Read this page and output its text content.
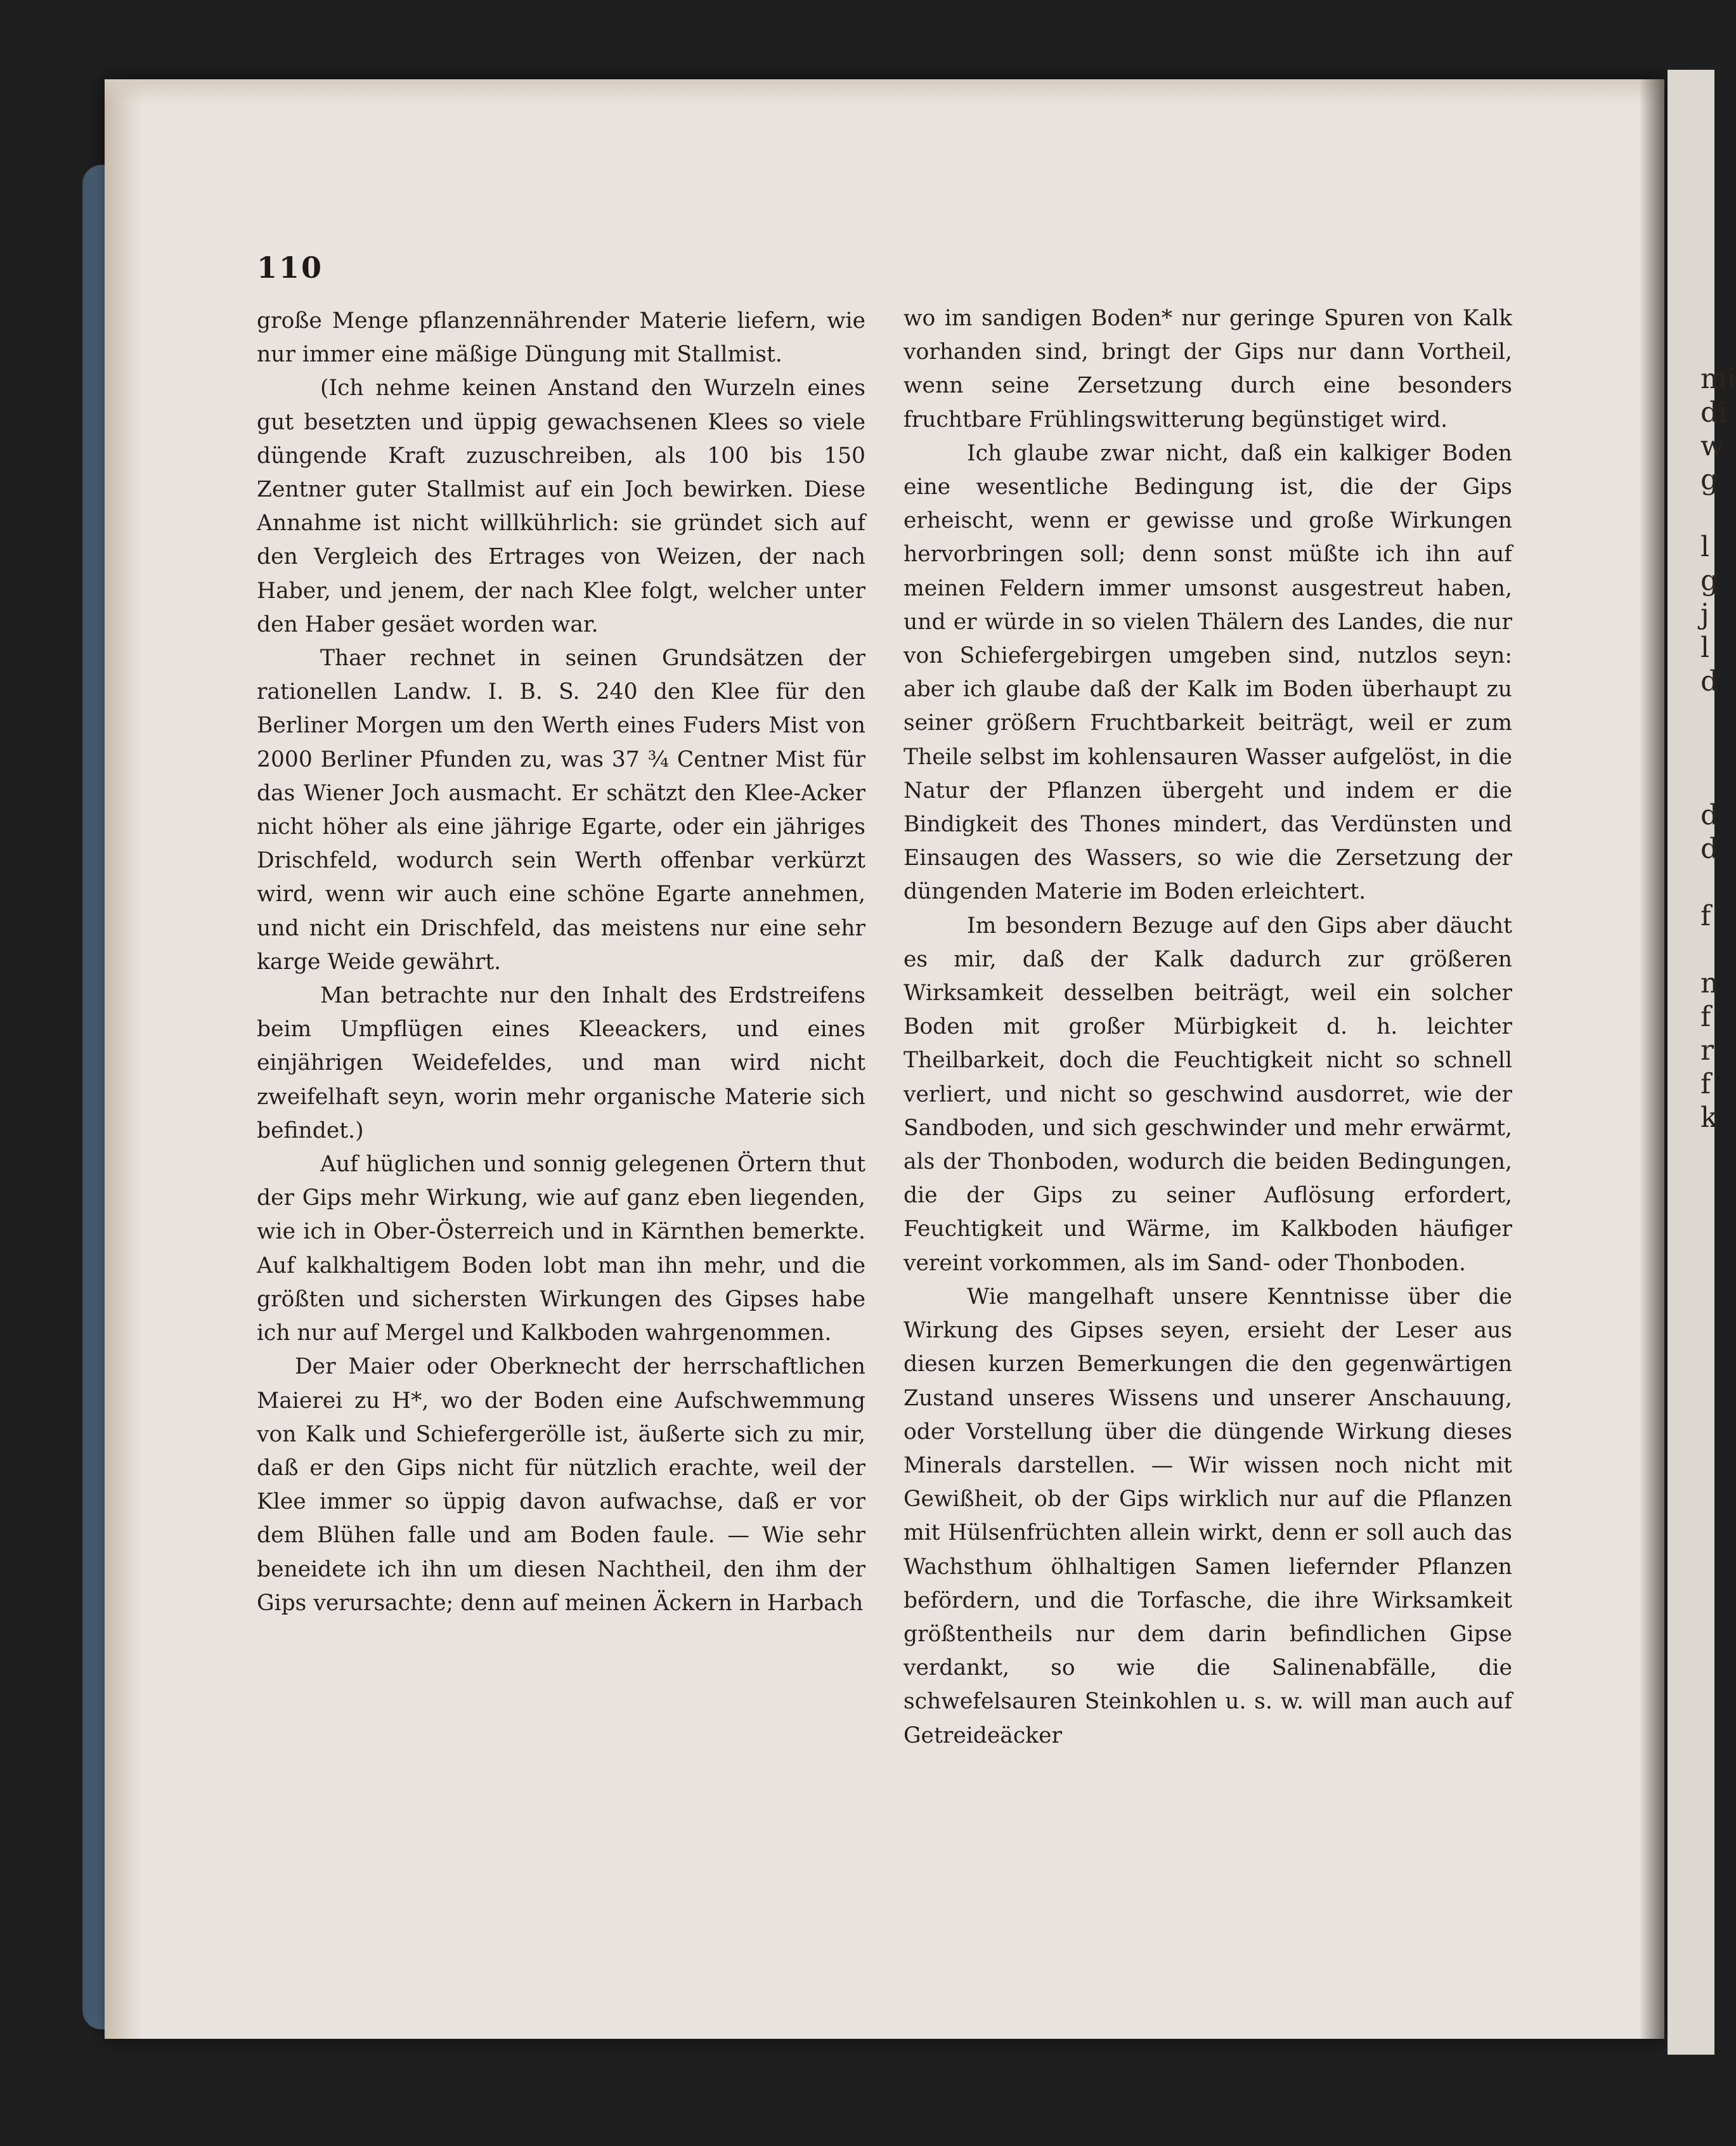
mi
di
w
g
l
g
j
l
d
d
d
f
n
f
r
f
k
110

große Menge pflanzennährender Materie liefern, wie nur immer eine mäßige Düngung mit Stallmist.

(Ich nehme keinen Anstand den Wurzeln eines gut besetzten und üppig gewachsenen Klees so viele düngende Kraft zuzuschreiben, als 100 bis 150 Zentner guter Stallmist auf ein Joch bewirken. Diese Annahme ist nicht willkührlich: sie gründet sich auf den Vergleich des Ertrages von Weizen, der nach Haber, und jenem, der nach Klee folgt, welcher unter den Haber gesäet worden war.

Thaer rechnet in seinen Grundsätzen der rationellen Landw. I. B. S. 240 den Klee für den Berliner Morgen um den Werth eines Fuders Mist von 2000 Berliner Pfunden zu, was 37 ¾ Centner Mist für das Wiener Joch ausmacht. Er schätzt den Klee-Acker nicht höher als eine jährige Egarte, oder ein jähriges Drischfeld, wodurch sein Werth offenbar verkürzt wird, wenn wir auch eine schöne Egarte annehmen, und nicht ein Drischfeld, das meistens nur eine sehr karge Weide gewährt.

Man betrachte nur den Inhalt des Erdstreifens beim Umpflügen eines Kleeackers, und eines einjährigen Weidefeldes, und man wird nicht zweifelhaft seyn, worin mehr organische Materie sich befindet.)

Auf hüglichen und sonnig gelegenen Örtern thut der Gips mehr Wirkung, wie auf ganz eben liegenden, wie ich in Ober-Österreich und in Kärnthen bemerkte. Auf kalkhaltigem Boden lobt man ihn mehr, und die größten und sichersten Wirkungen des Gipses habe ich nur auf Mergel und Kalkboden wahrgenommen.

Der Maier oder Oberknecht der herrschaftlichen Maierei zu H*, wo der Boden eine Aufschwemmung von Kalk und Schiefergerölle ist, äußerte sich zu mir, daß er den Gips nicht für nützlich erachte, weil der Klee immer so üppig davon aufwachse, daß er vor dem Blühen falle und am Boden faule. — Wie sehr beneidete ich ihn um diesen Nachtheil, den ihm der Gips verursachte; denn auf meinen Äckern in Harbach

wo im sandigen Boden* nur geringe Spuren von Kalk vorhanden sind, bringt der Gips nur dann Vortheil, wenn seine Zersetzung durch eine besonders fruchtbare Frühlingswitterung begünstiget wird.

Ich glaube zwar nicht, daß ein kalkiger Boden eine wesentliche Bedingung ist, die der Gips erheischt, wenn er gewisse und große Wirkungen hervorbringen soll; denn sonst müßte ich ihn auf meinen Feldern immer umsonst ausgestreut haben, und er würde in so vielen Thälern des Landes, die nur von Schiefergebirgen umgeben sind, nutzlos seyn: aber ich glaube daß der Kalk im Boden überhaupt zu seiner größern Fruchtbarkeit beiträgt, weil er zum Theile selbst im kohlensauren Wasser aufgelöst, in die Natur der Pflanzen übergeht und indem er die Bindigkeit des Thones mindert, das Verdünsten und Einsaugen des Wassers, so wie die Zersetzung der düngenden Materie im Boden erleichtert.

Im besondern Bezuge auf den Gips aber däucht es mir, daß der Kalk dadurch zur größeren Wirksamkeit desselben beiträgt, weil ein solcher Boden mit großer Mürbigkeit d. h. leichter Theilbarkeit, doch die Feuchtigkeit nicht so schnell verliert, und nicht so geschwind ausdorret, wie der Sandboden, und sich geschwinder und mehr erwärmt, als der Thonboden, wodurch die beiden Bedingungen, die der Gips zu seiner Auflösung erfordert, Feuchtigkeit und Wärme, im Kalkboden häufiger vereint vorkommen, als im Sand- oder Thonboden.

Wie mangelhaft unsere Kenntnisse über die Wirkung des Gipses seyen, ersieht der Leser aus diesen kurzen Bemerkungen die den gegenwärtigen Zustand unseres Wissens und unserer Anschauung, oder Vorstellung über die düngende Wirkung dieses Minerals darstellen. — Wir wissen noch nicht mit Gewißheit, ob der Gips wirklich nur auf die Pflanzen mit Hülsenfrüchten allein wirkt, denn er soll auch das Wachsthum öhlhaltigen Samen liefernder Pflanzen befördern, und die Torfasche, die ihre Wirksamkeit größtentheils nur dem darin befindlichen Gipse verdankt, so wie die Salinenabfälle, die schwefelsauren Steinkohlen u. s. w. will man auch auf Getreideäcker
